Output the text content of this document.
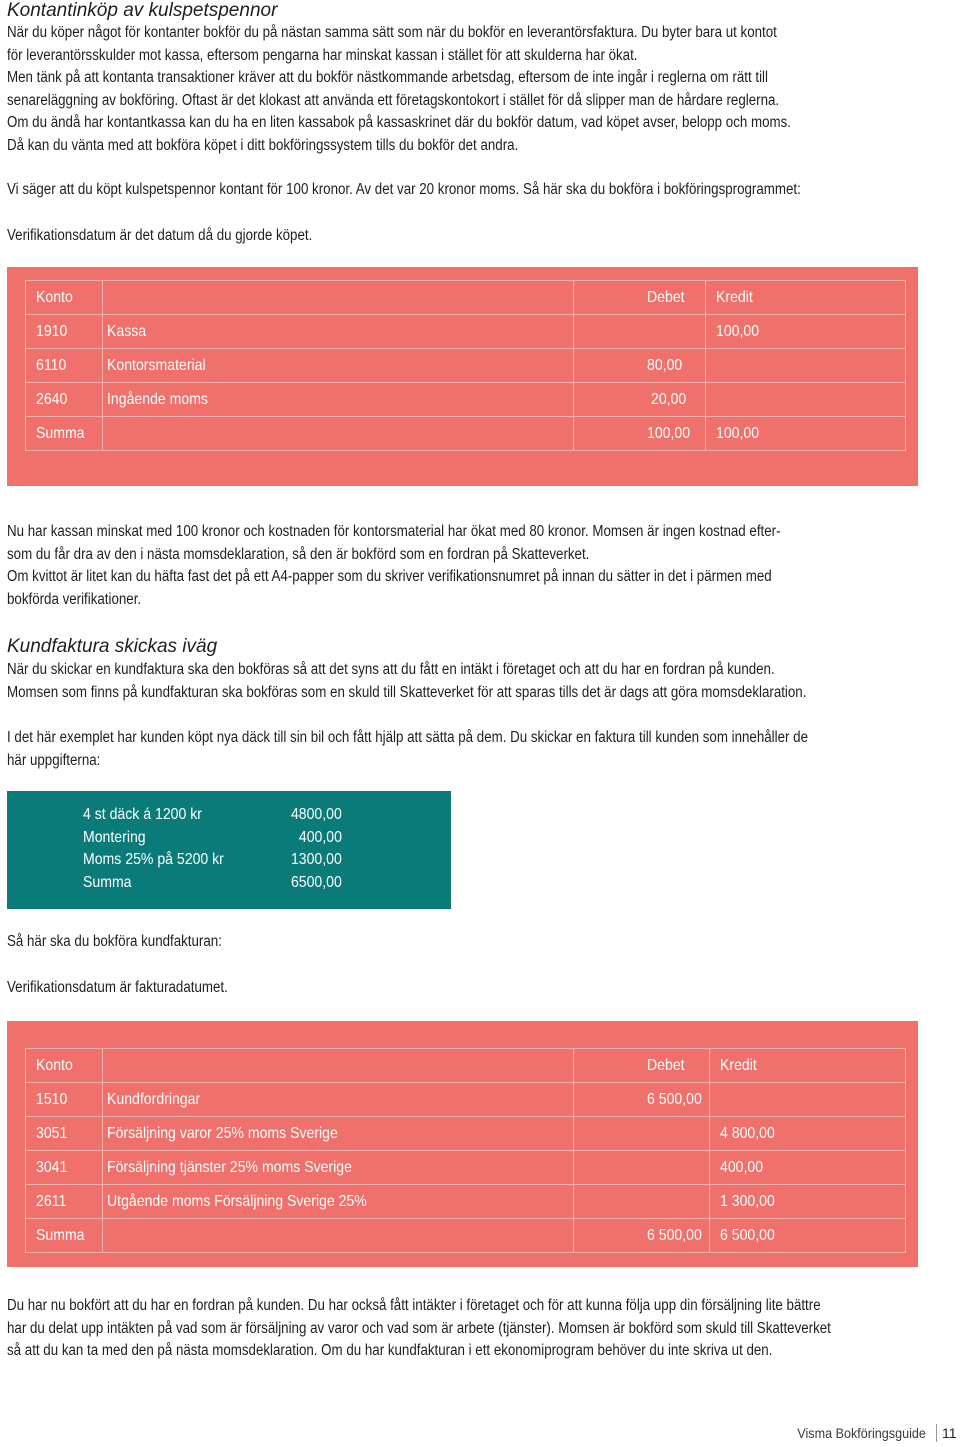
Kontantinköp av kulspetspennor
När du köper något för kontanter bokför du på nästan samma sätt som när du bokför en leverantörsfaktura. Du byter bara ut kontot
för leverantörsskulder mot kassa, eftersom pengarna har minskat kassan i stället för att skulderna har ökat.
Men tänk på att kontanta transaktioner kräver att du bokför nästkommande arbetsdag, eftersom de inte ingår i reglerna om rätt till
senareläggning av bokföring. Oftast är det klokast att använda ett företagskontokort i stället för då slipper man de hårdare reglerna.
Om du ändå har kontantkassa kan du ha en liten kassabok på kassaskrinet där du bokför datum, vad köpet avser, belopp och moms.
Då kan du vänta med att bokföra köpet i ditt bokföringssystem tills du bokför det andra.
Vi säger att du köpt kulspetspennor kontant för 100 kronor. Av det var 20 kronor moms. Så här ska du bokföra i bokföringsprogrammet:
Verifikationsdatum är det datum då du gjorde köpet.
Konto		Debet	Kredit
1910	Kassa		100,00
6110	Kontorsmaterial	80,00	
2640	Ingående moms	20,00	
Summa		100,00	100,00
Nu har kassan minskat med 100 kronor och kostnaden för kontorsmaterial har ökat med 80 kronor. Momsen är ingen kostnad efter-
som du får dra av den i nästa momsdeklaration, så den är bokförd som en fordran på Skatteverket.
Om kvittot är litet kan du häfta fast det på ett A4-papper som du skriver verifikationsnumret på innan du sätter in det i pärmen med
bokförda verifikationer.
Kundfaktura skickas iväg
När du skickar en kundfaktura ska den bokföras så att det syns att du fått en intäkt i företaget och att du har en fordran på kunden.
Momsen som finns på kundfakturan ska bokföras som en skuld till Skatteverket för att sparas tills det är dags att göra momsdeklaration.
I det här exemplet har kunden köpt nya däck till sin bil och fått hjälp att sätta på dem. Du skickar en faktura till kunden som innehåller de
här uppgifterna:
4 st däck á 1200 kr	4800,00
Montering	400,00
Moms 25% på 5200 kr	1300,00
Summa	6500,00
Så här ska du bokföra kundfakturan:
Verifikationsdatum är fakturadatumet.
Konto		Debet	Kredit
1510	Kundfordringar	6 500,00	
3051	Försäljning varor 25% moms Sverige		4 800,00
3041	Försäljning tjänster 25% moms Sverige		400,00
2611	Utgående moms Försäljning Sverige 25%		1 300,00
Summa		6 500,00	6 500,00
Du har nu bokfört att du har en fordran på kunden. Du har också fått intäkter i företaget och för att kunna följa upp din försäljning lite bättre
har du delat upp intäkten på vad som är försäljning av varor och vad som är arbete (tjänster). Momsen är bokförd som skuld till Skatteverket
så att du kan ta med den på nästa momsdeklaration. Om du har kundfakturan i ett ekonomiprogram behöver du inte skriva ut den.
Visma Bokföringsguide 11
